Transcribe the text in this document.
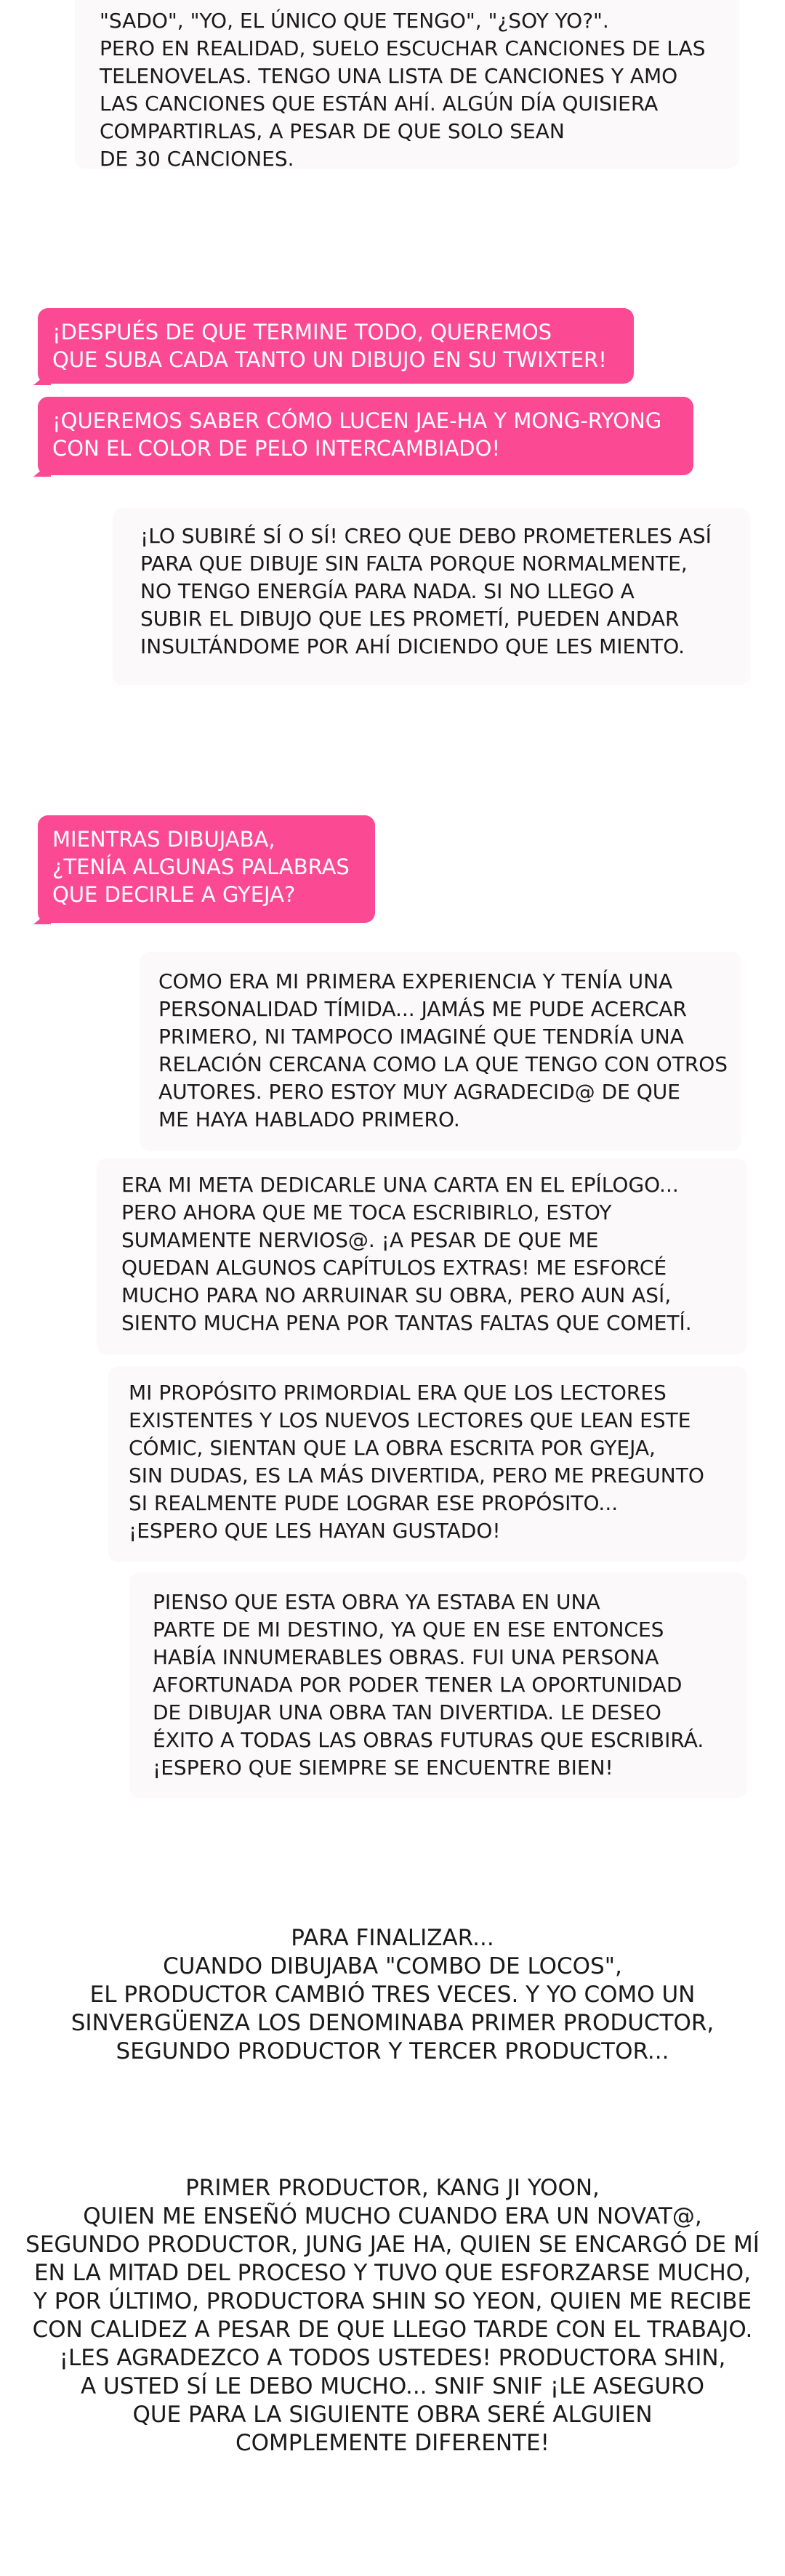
"SADO", "YO, EL ÚNICO QUE TENGO", "¿SOY YO?".
PERO EN REALIDAD, SUELO ESCUCHAR CANCIONES DE LAS
TELENOVELAS. TENGO UNA LISTA DE CANCIONES Y AMO
LAS CANCIONES QUE ESTÁN AHÍ. ALGÚN DÍA QUISIERA
COMPARTIRLAS, A PESAR DE QUE SOLO SEAN
DE 30 CANCIONES.
¡DESPUÉS DE QUE TERMINE TODO, QUEREMOS
QUE SUBA CADA TANTO UN DIBUJO EN SU TWIXTER!
¡QUEREMOS SABER CÓMO LUCEN JAE-HA Y MONG-RYONG
CON EL COLOR DE PELO INTERCAMBIADO!
¡LO SUBIRÉ SÍ O SÍ! CREO QUE DEBO PROMETERLES ASÍ
PARA QUE DIBUJE SIN FALTA PORQUE NORMALMENTE,
NO TENGO ENERGÍA PARA NADA. SI NO LLEGO A
SUBIR EL DIBUJO QUE LES PROMETÍ, PUEDEN ANDAR
INSULTÁNDOME POR AHÍ DICIENDO QUE LES MIENTO.
MIENTRAS DIBUJABA,
¿TENÍA ALGUNAS PALABRAS
QUE DECIRLE A GYEJA?
COMO ERA MI PRIMERA EXPERIENCIA Y TENÍA UNA
PERSONALIDAD TÍMIDA... JAMÁS ME PUDE ACERCAR
PRIMERO, NI TAMPOCO IMAGINÉ QUE TENDRÍA UNA
RELACIÓN CERCANA COMO LA QUE TENGO CON OTROS
AUTORES. PERO ESTOY MUY AGRADECID@ DE QUE
ME HAYA HABLADO PRIMERO.
ERA MI META DEDICARLE UNA CARTA EN EL EPÍLOGO...
PERO AHORA QUE ME TOCA ESCRIBIRLO, ESTOY
SUMAMENTE NERVIOS@. ¡A PESAR DE QUE ME
QUEDAN ALGUNOS CAPÍTULOS EXTRAS! ME ESFORCÉ
MUCHO PARA NO ARRUINAR SU OBRA, PERO AUN ASÍ,
SIENTO MUCHA PENA POR TANTAS FALTAS QUE COMETÍ.
MI PROPÓSITO PRIMORDIAL ERA QUE LOS LECTORES
EXISTENTES Y LOS NUEVOS LECTORES QUE LEAN ESTE
CÓMIC, SIENTAN QUE LA OBRA ESCRITA POR GYEJA,
SIN DUDAS, ES LA MÁS DIVERTIDA, PERO ME PREGUNTO
SI REALMENTE PUDE LOGRAR ESE PROPÓSITO...
¡ESPERO QUE LES HAYAN GUSTADO!
PIENSO QUE ESTA OBRA YA ESTABA EN UNA
PARTE DE MI DESTINO, YA QUE EN ESE ENTONCES
HABÍA INNUMERABLES OBRAS. FUI UNA PERSONA
AFORTUNADA POR PODER TENER LA OPORTUNIDAD
DE DIBUJAR UNA OBRA TAN DIVERTIDA. LE DESEO
ÉXITO A TODAS LAS OBRAS FUTURAS QUE ESCRIBIRÁ.
¡ESPERO QUE SIEMPRE SE ENCUENTRE BIEN!
PARA FINALIZAR...
CUANDO DIBUJABA "COMBO DE LOCOS",
EL PRODUCTOR CAMBIÓ TRES VECES. Y YO COMO UN
SINVERGÜENZA LOS DENOMINABA PRIMER PRODUCTOR,
SEGUNDO PRODUCTOR Y TERCER PRODUCTOR...
PRIMER PRODUCTOR, KANG JI YOON,
QUIEN ME ENSEÑÓ MUCHO CUANDO ERA UN NOVAT@,
SEGUNDO PRODUCTOR, JUNG JAE HA, QUIEN SE ENCARGÓ DE MÍ
EN LA MITAD DEL PROCESO Y TUVO QUE ESFORZARSE MUCHO,
Y POR ÚLTIMO, PRODUCTORA SHIN SO YEON, QUIEN ME RECIBE
CON CALIDEZ A PESAR DE QUE LLEGO TARDE CON EL TRABAJO.
¡LES AGRADEZCO A TODOS USTEDES! PRODUCTORA SHIN,
A USTED SÍ LE DEBO MUCHO... SNIF SNIF ¡LE ASEGURO
QUE PARA LA SIGUIENTE OBRA SERÉ ALGUIEN
COMPLEMENTE DIFERENTE!
